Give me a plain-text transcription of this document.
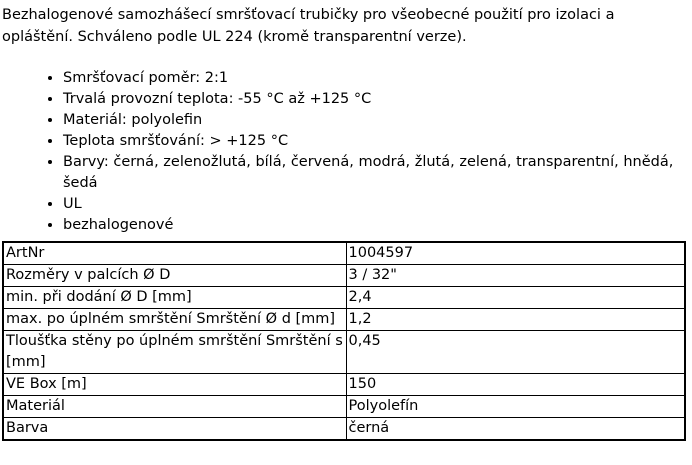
Bezhalogenové samozhášecí smršťovací trubičky pro všeobecné použití pro izolaci a opláštění. Schváleno podle UL 224 (kromě transparentní verze).

• Smršťovací poměr: 2:1
• Trvalá provozní teplota: -55 °C až +125 °C
• Materiál: polyolefin
• Teplota smršťování: > +125 °C
• Barvy: černá, zelenožlutá, bílá, červená, modrá, žlutá, zelená, transparentní, hnědá, šedá
• UL
• bezhalogenové
ArtNr	1004597
Rozměry v palcích Ø D	3 / 32"
min. při dodání Ø D [mm]	2,4
max. po úplném smrštění Smrštění Ø d [mm]	1,2
Tloušťka stěny po úplném smrštění Smrštění s [mm]	0,45
VE Box [m]	150
Materiál	Polyolefín
Barva	černá
